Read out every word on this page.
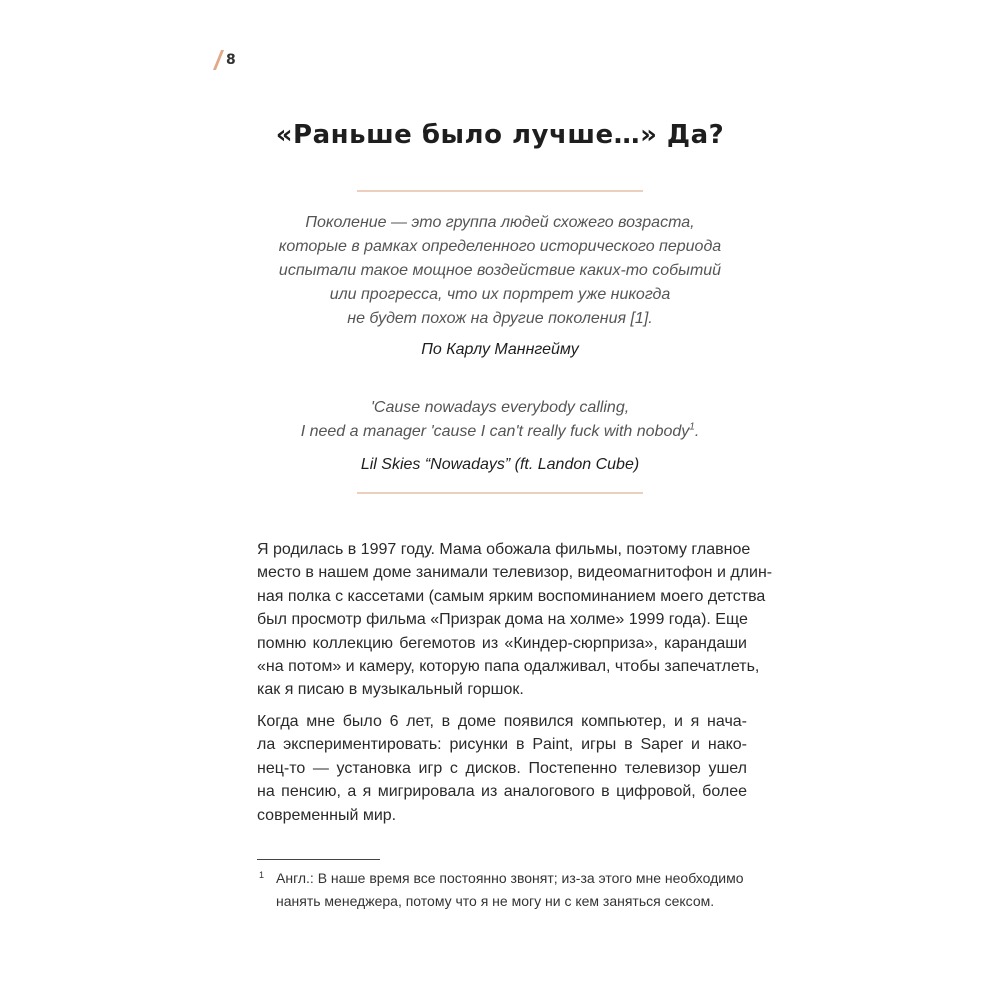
8
«Раньше было лучше…» Да?
Поколение — это группа людей схожего возраста,
которые в рамках определенного исторического периода
испытали такое мощное воздействие каких-то событий
или прогресса, что их портрет уже никогда
не будет похож на другие поколения [1].
По Карлу Маннгейму
'Cause nowadays everybody calling,
I need a manager 'cause I can't really fuck with nobody$^1$.
Lil Skies “Nowadays” (ft. Landon Cube)
Я родилась в 1997 году. Мама обожала фильмы, поэтому главное
место в нашем доме занимали телевизор, видеомагнитофон и длин-
ная полка с кассетами (самым ярким воспоминанием моего детства
был просмотр фильма «Призрак дома на холме» 1999 года). Еще
помню коллекцию бегемотов из «Киндер-сюрприза», карандаши
«на потом» и камеру, которую папа одалживал, чтобы запечатлеть,
как я писаю в музыкальный горшок.
Когда мне было 6 лет, в доме появился компьютер, и я нача-
ла экспериментировать: рисунки в Paint, игры в Saper и нако-
нец-то — установка игр с дисков. Постепенно телевизор ушел
на пенсию, а я мигрировала из аналогового в цифровой, более
современный мир.
1 Англ.: В наше время все постоянно звонят; из-за этого мне необходимо
нанять менеджера, потому что я не могу ни с кем заняться сексом.
